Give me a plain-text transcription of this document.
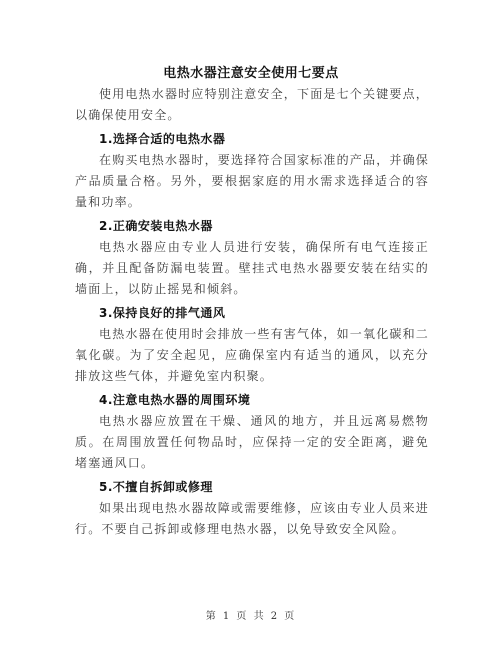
电热水器注意安全使用七要点

使用电热水器时应特别注意安全，下面是七个关键要点，以确保使用安全。

1.选择合适的电热水器

在购买电热水器时，要选择符合国家标准的产品，并确保产品质量合格。另外，要根据家庭的用水需求选择适合的容量和功率。

2.正确安装电热水器

电热水器应由专业人员进行安装，确保所有电气连接正确，并且配备防漏电装置。壁挂式电热水器要安装在结实的墙面上，以防止摇晃和倾斜。

3.保持良好的排气通风

电热水器在使用时会排放一些有害气体，如一氧化碳和二氧化碳。为了安全起见，应确保室内有适当的通风，以充分排放这些气体，并避免室内积聚。

4.注意电热水器的周围环境

电热水器应放置在干燥、通风的地方，并且远离易燃物质。在周围放置任何物品时，应保持一定的安全距离，避免堵塞通风口。

5.不擅自拆卸或修理

如果出现电热水器故障或需要维修，应该由专业人员来进行。不要自己拆卸或修理电热水器，以免导致安全风险。

第 1 页 共 2 页
